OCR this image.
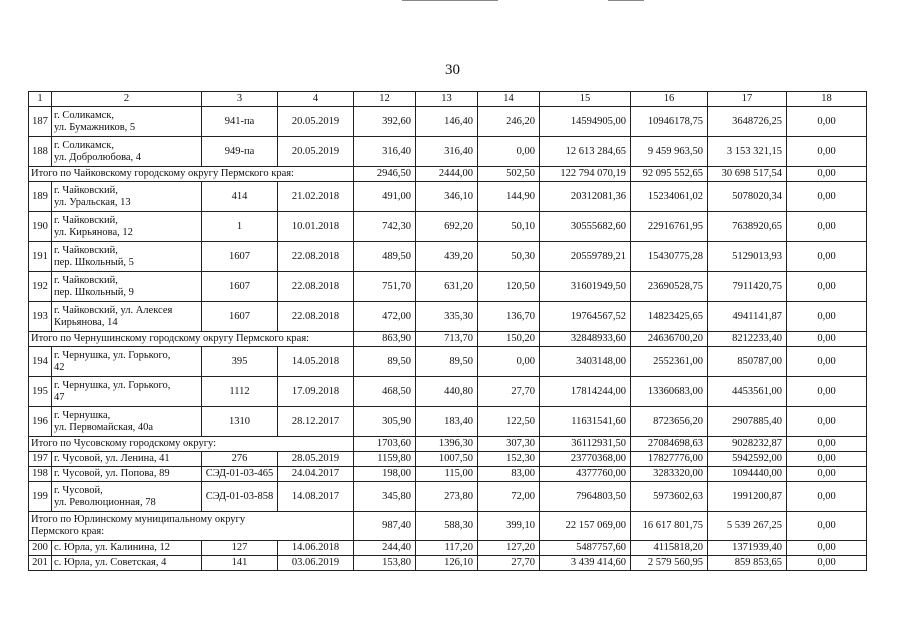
30
1	2	3	4	12	13	14	15	16	17	18
187	г. Соликамск,
ул. Бумажников, 5	941-па	20.05.2019	392,60	146,40	246,20	14594905,00	10946178,75	3648726,25	0,00
188	г. Соликамск,
ул. Добролюбова, 4	949-па	20.05.2019	316,40	316,40	0,00	12 613 284,65	9 459 963,50	3 153 321,15	0,00
Итого по Чайковскому городскому округу Пермского края:				2946,50	2444,00	502,50	122 794 070,19	92 095 552,65	30 698 517,54	0,00
189	г. Чайковский,
ул. Уральская, 13	414	21.02.2018	491,00	346,10	144,90	20312081,36	15234061,02	5078020,34	0,00
190	г. Чайковский,
ул. Кирьянова, 12	1	10.01.2018	742,30	692,20	50,10	30555682,60	22916761,95	7638920,65	0,00
191	г. Чайковский,
пер. Школьный, 5	1607	22.08.2018	489,50	439,20	50,30	20559789,21	15430775,28	5129013,93	0,00
192	г. Чайковский,
пер. Школьный, 9	1607	22.08.2018	751,70	631,20	120,50	31601949,50	23690528,75	7911420,75	0,00
193	г. Чайковский, ул. Алексея
Кирьянова, 14	1607	22.08.2018	472,00	335,30	136,70	19764567,52	14823425,65	4941141,87	0,00
Итого по Чернушинскому городскому округу Пермского края:				863,90	713,70	150,20	32848933,60	24636700,20	8212233,40	0,00
194	г. Чернушка, ул. Горького,
42	395	14.05.2018	89,50	89,50	0,00	3403148,00	2552361,00	850787,00	0,00
195	г. Чернушка, ул. Горького,
47	1112	17.09.2018	468,50	440,80	27,70	17814244,00	13360683,00	4453561,00	0,00
196	г. Чернушка,
ул. Первомайская, 40а	1310	28.12.2017	305,90	183,40	122,50	11631541,60	8723656,20	2907885,40	0,00
Итого по Чусовскому городскому округу:				1703,60	1396,30	307,30	36112931,50	27084698,63	9028232,87	0,00
197	г. Чусовой, ул. Ленина, 41	276	28.05.2019	1159,80	1007,50	152,30	23770368,00	17827776,00	5942592,00	0,00
198	г. Чусовой, ул. Попова, 89	СЭД-01-03-465	24.04.2017	198,00	115,00	83,00	4377760,00	3283320,00	1094440,00	0,00
199	г. Чусовой,
ул. Революционная, 78	СЭД-01-03-858	14.08.2017	345,80	273,80	72,00	7964803,50	5973602,63	1991200,87	0,00
Итого по Юрлинскому муниципальному округу
Пермского края:				987,40	588,30	399,10	22 157 069,00	16 617 801,75	5 539 267,25	0,00
200	с. Юрла, ул. Калинина, 12	127	14.06.2018	244,40	117,20	127,20	5487757,60	4115818,20	1371939,40	0,00
201	с. Юрла, ул. Советская, 4	141	03.06.2019	153,80	126,10	27,70	3 439 414,60	2 579 560,95	859 853,65	0,00
